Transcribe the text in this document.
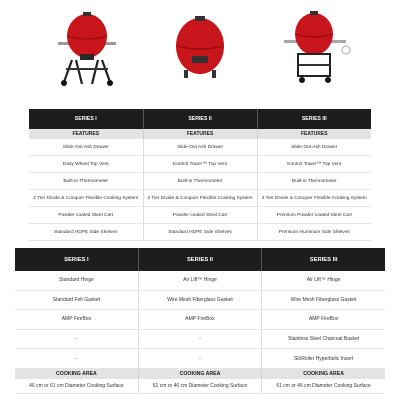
SERIES I	SERIES II	SERIES III
FEATURES	FEATURES	FEATURES
Slide-Out Ash Drawer	Slide-Out Ash Drawer	Slide-Out Ash Drawer
Dasy Wheel Top Vent	Kontrol Tower™ Top Vent	Kontrol Tower™ Top Vent
Built-in Thermometer	Built-in Thermometer	Built-in Thermometer
2 Tier Divide & Conquer Flexible Cooking System	2 Tier Divide & Conquer Flexible Cooking System	3 Tier Divide & Conquer Flexible Cooking System
Powder coated Steel Cart	Powder coated Steel Cart	Premium Powder coated Steel Cart
Standard HDPE Side Shelves	Standard HDPE Side Shelves	Premium Aluminum Side Shelves
SERIES I	SERIES II	SERIES III
Standard Hinge	Air Lift™ Hinge	Air Lift™ Hinge
Standard Felt Gasket	Wire Mesh Fiberglass Gasket	Wire Mesh Fiberglass Gasket
AMP FireBox	AMP FireBox	AMP FireBox
-	-	Stainless Steel Charcoal Basket
-	-	SlōRoller Hyperbolic Insert
COOKING AREA	COOKING AREA	COOKING AREA
46 cm or 61 cm Diameter Cooking Surface	61 cm or 46 cm Diameter Cooking Surface	61 cm or 46 cm Diameter Cooking Surface
